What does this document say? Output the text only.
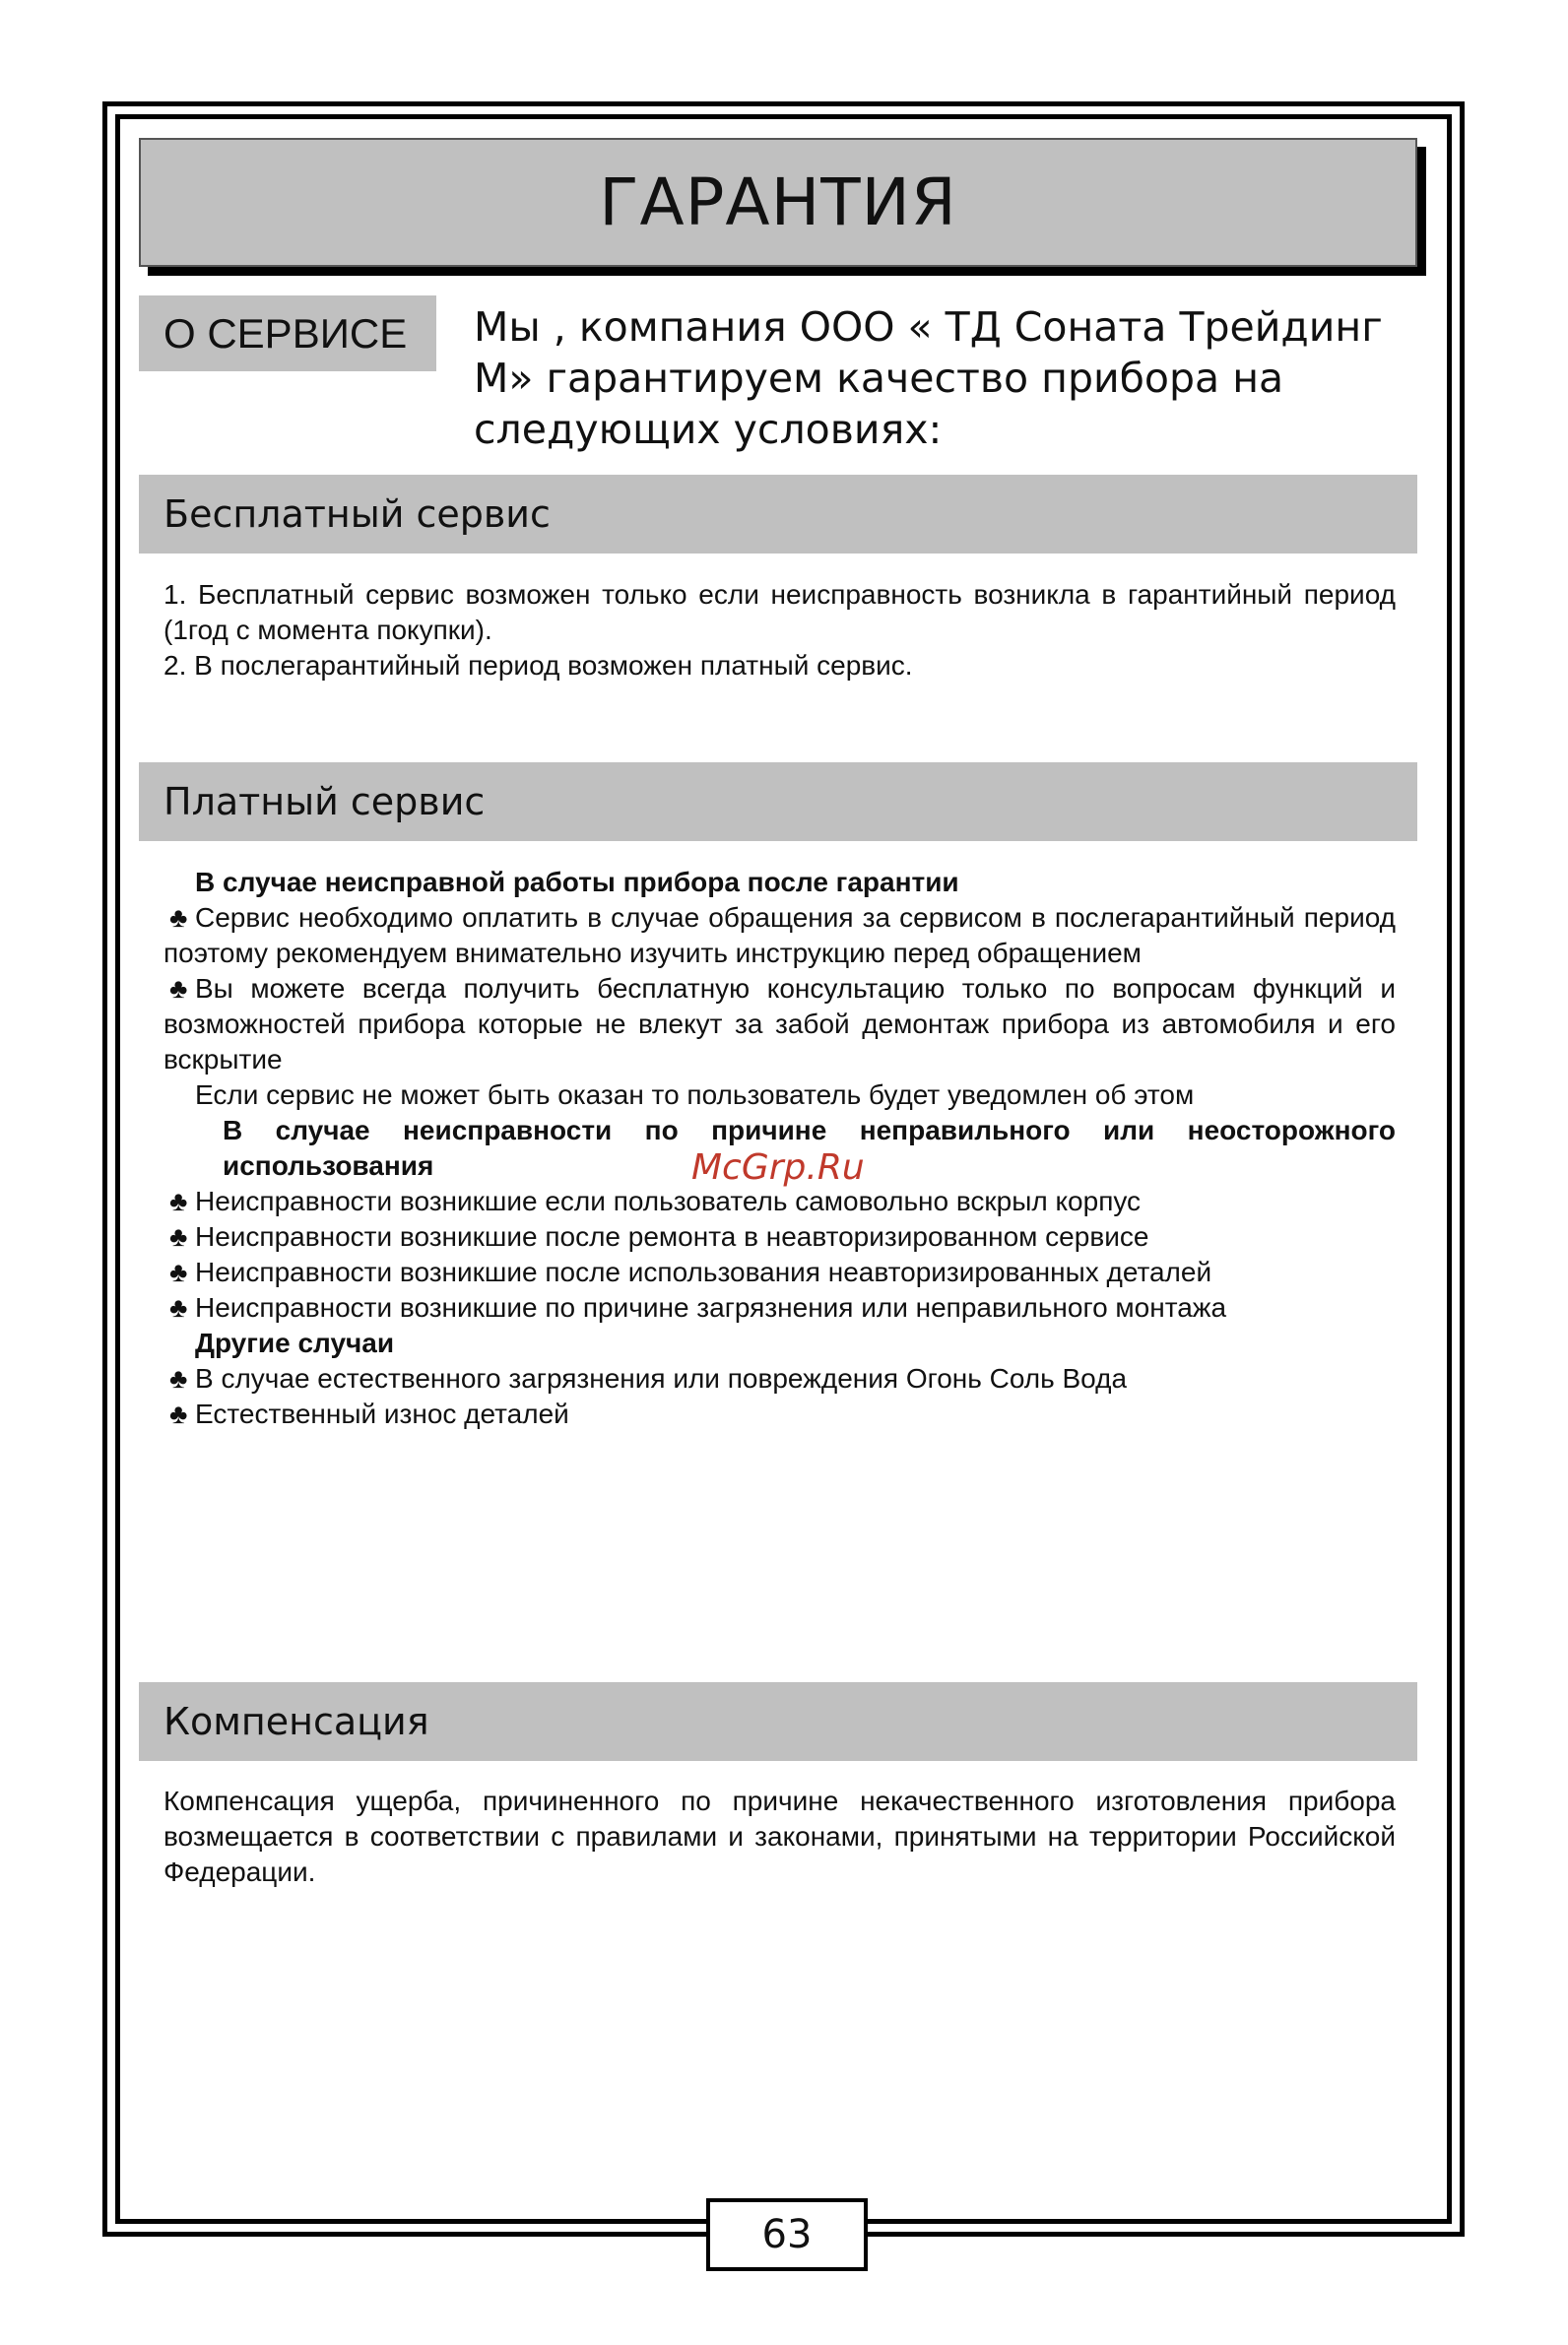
ГАРАНТИЯ
О СЕРВИСЕ	Мы , компания ООО « ТД Соната Трейдинг М» гарантируем качество прибора на следующих условиях:
Бесплатный сервис

1. Бесплатный сервис возможен только если неисправность возникла в гарантийный период (1год с момента покупки).

2. В послегарантийный период возможен платный сервис.

Платный сервис

В случае неисправной работы прибора после гарантии

♣ Сервис необходимо оплатить в случае обращения за сервисом в послегарантийный период поэтому рекомендуем внимательно изучить инструкцию перед обращением

♣ Вы можете всегда получить бесплатную консультацию только по вопросам функций и возможностей прибора которые не влекут за забой демонтаж прибора из автомобиля и его вскрытие

Если сервис не может быть оказан то пользователь будет уведомлен об этом

В случае неисправности по причине неправильного или неосторожного использования

♣ Неисправности возникшие если пользователь самовольно вскрыл корпус

♣ Неисправности возникшие после ремонта в неавторизированном сервисе

♣ Неисправности возникшие после использования неавторизированных деталей

♣ Неисправности возникшие по причине загрязнения или неправильного монтажа

Другие случаи

♣ В случае естественного загрязнения или повреждения Огонь Соль Вода

♣ Естественный износ деталей

McGrp.Ru
Компенсация

Компенсация ущерба, причиненного по причине некачественного изготовления прибора возмещается в соответствии с правилами и законами, принятыми на территории Российской Федерации.

63
